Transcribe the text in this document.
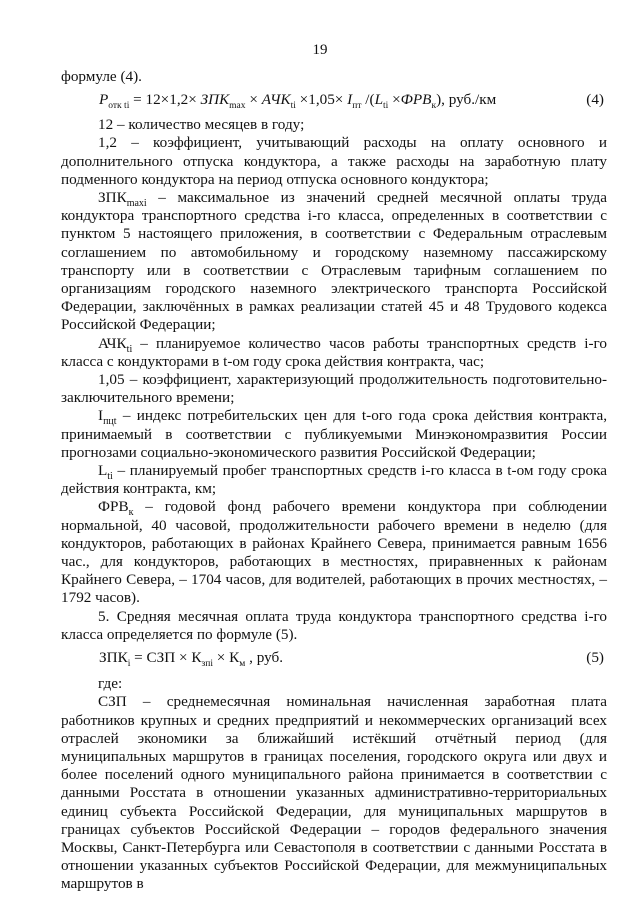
19

формуле (4).

$P_{отк ti} = 12\times 1,2\times ЗПК_{max} \times АЧК_{ti} \times 1,05\times I_{пт}$ $/(L_{ti} \times ФРВ_к)$, руб./км	(4)

12 – количество месяцев в году;

1,2 – коэффициент, учитывающий расходы на оплату основного и дополнительного отпуска кондуктора, а также расходы на заработную плату подменного кондуктора на период отпуска основного кондуктора;

$ЗПК_{maxi}$ – максимальное из значений средней месячной оплаты труда кондуктора транспортного средства i-го класса, определенных в соответствии с пунктом 5 настоящего приложения, в соответствии с Федеральным отраслевым соглашением по автомобильному и городскому наземному пассажирскому транспорту или в соответствии с Отраслевым тарифным соглашением по организациям городского наземного электрического транспорта Российской Федерации, заключённых в рамках реализации статей 45 и 48 Трудового кодекса Российской Федерации;

$АЧК_{ti}$ – планируемое количество часов работы транспортных средств i-го класса с кондукторами в t-ом году срока действия контракта, час;

1,05 – коэффициент, характеризующий продолжительность подготовительно-заключительного времени;

$I_{пцt}$ – индекс потребительских цен для t-ого года срока действия контракта, принимаемый в соответствии с публикуемыми Минэкономразвития России прогнозами социально-экономического развития Российской Федерации;

$L_{ti}$ – планируемый пробег транспортных средств i-го класса в t-ом году срока действия контракта, км;

$ФРВ_к$ – годовой фонд рабочего времени кондуктора при соблюдении нормальной, 40 часовой, продолжительности рабочего времени в неделю (для кондукторов, работающих в районах Крайнего Севера, принимается равным 1656 час., для кондукторов, работающих в местностях, приравненных к районам Крайнего Севера, – 1704 часов, для водителей, работающих в прочих местностях, – 1792 часов).

5. Средняя месячная оплата труда кондуктора транспортного средства i-го класса определяется по формуле (5).

$ЗПК_i$ = СЗП × $К_{зпi} \times К_м$ , руб.	(5)

где:

СЗП – среднемесячная номинальная начисленная заработная плата работников крупных и средних предприятий и некоммерческих организаций всех отраслей экономики за ближайший истёкший отчётный период (для муниципальных маршрутов в границах поселения, городского округа или двух и более поселений одного муниципального района принимается в соответствии с данными Росстата в отношении указанных административно-территориальных единиц субъекта Российской Федерации, для муниципальных маршрутов в границах субъектов Российской Федерации – городов федерального значения Москвы, Санкт-Петербурга или Севастополя в соответствии с данными Росстата в отношении указанных субъектов Российской Федерации, для межмуниципальных маршрутов в
